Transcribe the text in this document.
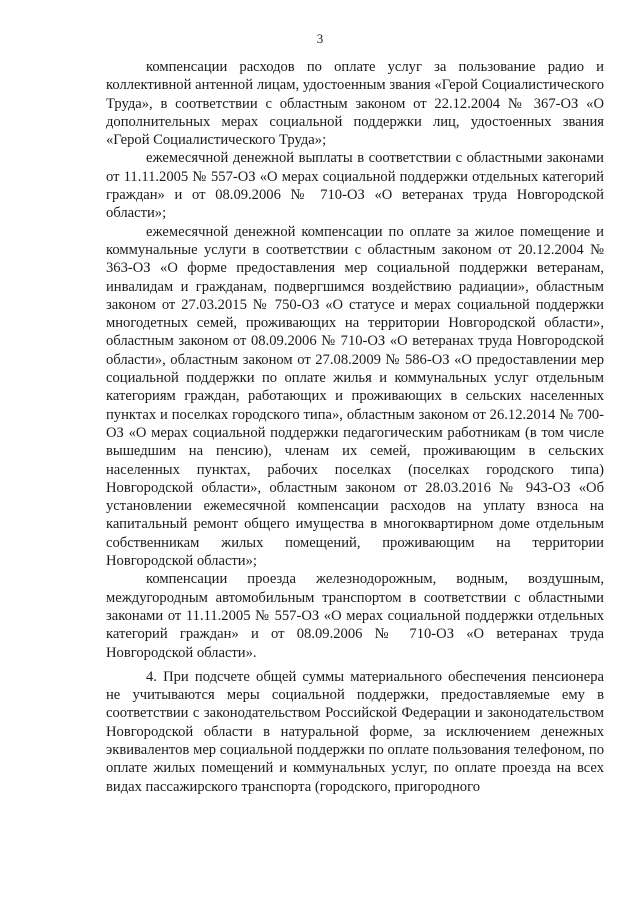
3

компенсации расходов по оплате услуг за пользование радио и коллективной антенной лицам, удостоенным звания «Герой Социалистического Труда», в соответствии с областным законом от 22.12.2004 № 367-ОЗ «О дополнительных мерах социальной поддержки лиц, удостоенных звания «Герой Социалистического Труда»;

ежемесячной денежной выплаты в соответствии с областными законами от 11.11.2005 № 557-ОЗ «О мерах социальной поддержки отдельных категорий граждан» и от 08.09.2006 № 710-ОЗ «О ветеранах труда Новгородской области»;

ежемесячной денежной компенсации по оплате за жилое помещение и коммунальные услуги в соответствии с областным законом от 20.12.2004 № 363-ОЗ «О форме предоставления мер социальной поддержки ветеранам, инвалидам и гражданам, подвергшимся воздействию радиации», областным законом от 27.03.2015 № 750-ОЗ «О статусе и мерах социальной поддержки многодетных семей, проживающих на территории Новгородской области», областным законом от 08.09.2006 № 710-ОЗ «О ветеранах труда Новгородской области», областным законом от 27.08.2009 № 586-ОЗ «О предоставлении мер социальной поддержки по оплате жилья и коммунальных услуг отдельным категориям граждан, работающих и проживающих в сельских населенных пунктах и поселках городского типа», областным законом от 26.12.2014 № 700-ОЗ «О мерах социальной поддержки педагогическим работникам (в том числе вышедшим на пенсию), членам их семей, проживающим в сельских населенных пунктах, рабочих поселках (поселках городского типа) Новгородской области», областным законом от 28.03.2016 № 943-ОЗ «Об установлении ежемесячной компенсации расходов на уплату взноса на капитальный ремонт общего имущества в многоквартирном доме отдельным собственникам жилых помещений, проживающим на территории Новгородской области»;

компенсации проезда железнодорожным, водным, воздушным, междугородным автомобильным транспортом в соответствии с областными законами от 11.11.2005 № 557-ОЗ «О мерах социальной поддержки отдельных категорий граждан» и от 08.09.2006 № 710-ОЗ «О ветеранах труда Новгородской области».

4. При подсчете общей суммы материального обеспечения пенсионера не учитываются меры социальной поддержки, предоставляемые ему в соответствии с законодательством Российской Федерации и законодательством Новгородской области в натуральной форме, за исключением денежных эквивалентов мер социальной поддержки по оплате пользования телефоном, по оплате жилых помещений и коммунальных услуг, по оплате проезда на всех видах пассажирского транспорта (городского, пригородного
